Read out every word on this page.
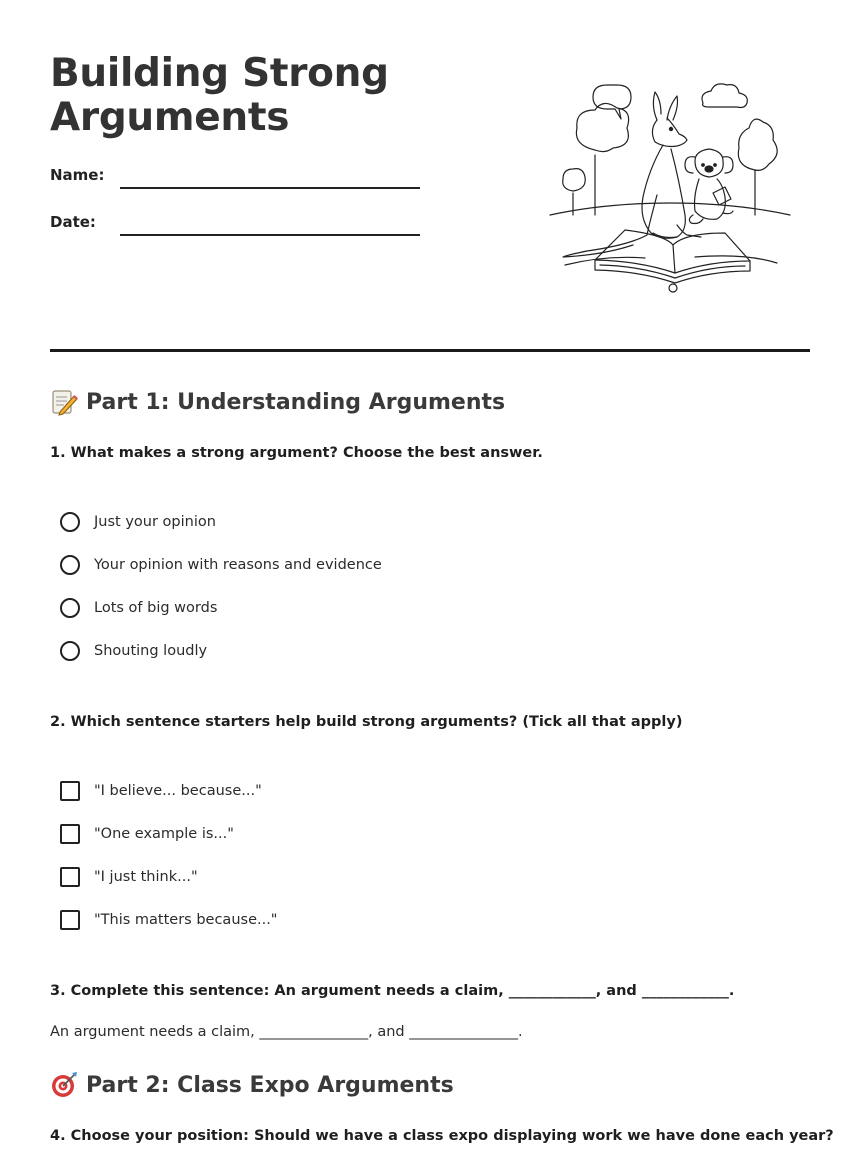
Building Strong Arguments
Name:
Date:
Part 1: Understanding Arguments
1. What makes a strong argument? Choose the best answer.
Just your opinion
Your opinion with reasons and evidence
Lots of big words
Shouting loudly
2. Which sentence starters help build strong arguments? (Tick all that apply)
"I believe... because..."
"One example is..."
"I just think..."
"This matters because..."
3. Complete this sentence: An argument needs a claim, ____________, and ____________.
An argument needs a claim, _______________, and _______________.
Part 2: Class Expo Arguments
4. Choose your position: Should we have a class expo displaying work we have done each year?
